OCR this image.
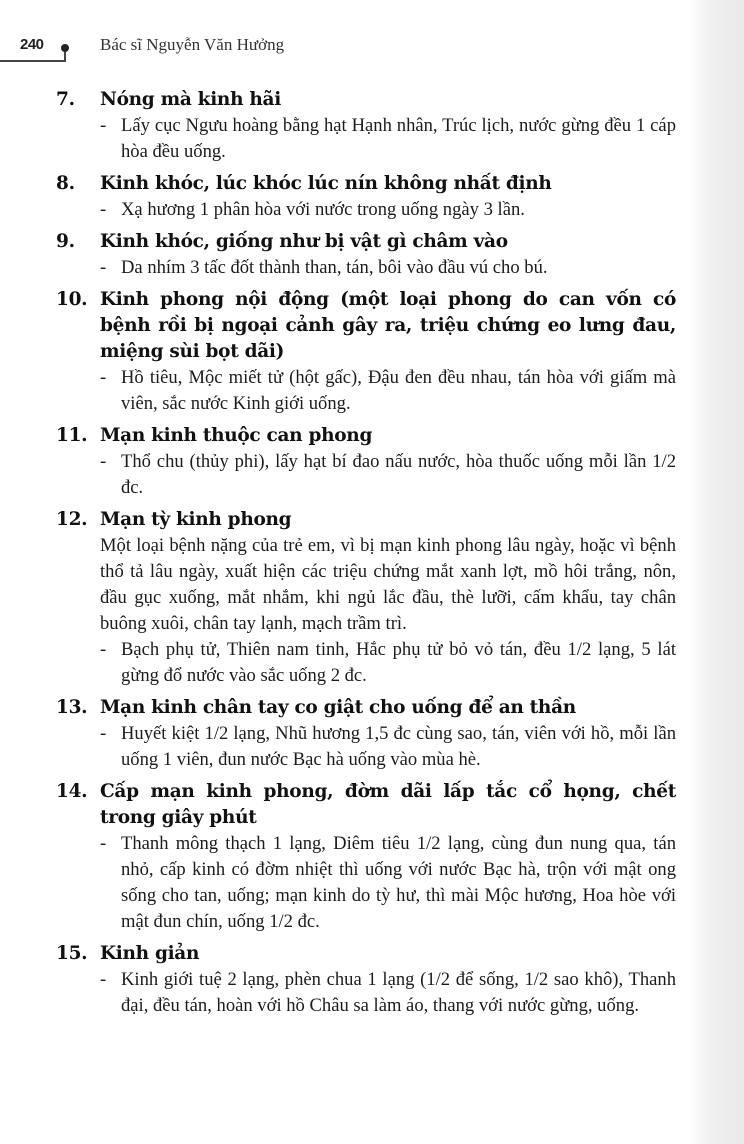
240	Bác sĩ Nguyễn Văn Hưởng
7.	Nóng mà kinh hãi
- Lấy cục Ngưu hoàng bằng hạt Hạnh nhân, Trúc lịch, nước gừng đều 1 cáp hòa đều uống.
8.	Kinh khóc, lúc khóc lúc nín không nhất định
- Xạ hương 1 phân hòa với nước trong uống ngày 3 lần.
9.	Kinh khóc, giống như bị vật gì châm vào
- Da nhím 3 tấc đốt thành than, tán, bôi vào đầu vú cho bú.
10. Kinh phong nội động (một loại phong do can vốn có bệnh rồi bị ngoại cảnh gây ra, triệu chứng eo lưng đau, miệng sùi bọt dãi)
- Hồ tiêu, Mộc miết tử (hột gấc), Đậu đen đều nhau, tán hòa với giấm mà viên, sắc nước Kinh giới uống.
11. Mạn kinh thuộc can phong
- Thổ chu (thủy phi), lấy hạt bí đao nấu nước, hòa thuốc uống mỗi lần 1/2 đc.
12. Mạn tỳ kinh phong
Một loại bệnh nặng của trẻ em, vì bị mạn kinh phong lâu ngày, hoặc vì bệnh thổ tả lâu ngày, xuất hiện các triệu chứng mắt xanh lợt, mồ hôi trắng, nôn, đầu gục xuống, mắt nhắm, khi ngủ lắc đầu, thè lưỡi, cấm khẩu, tay chân buông xuôi, chân tay lạnh, mạch trầm trì.
- Bạch phụ tử, Thiên nam tinh, Hắc phụ tử bỏ vỏ tán, đều 1/2 lạng, 5 lát gừng đổ nước vào sắc uống 2 đc.
13. Mạn kinh chân tay co giật cho uống để an thần
- Huyết kiệt 1/2 lạng, Nhũ hương 1,5 đc cùng sao, tán, viên với hồ, mỗi lần uống 1 viên, đun nước Bạc hà uống vào mùa hè.
14. Cấp mạn kinh phong, đờm dãi lấp tắc cổ họng, chết trong giây phút
- Thanh mông thạch 1 lạng, Diêm tiêu 1/2 lạng, cùng đun nung qua, tán nhỏ, cấp kinh có đờm nhiệt thì uống với nước Bạc hà, trộn với mật ong sống cho tan, uống; mạn kinh do tỳ hư, thì mài Mộc hương, Hoa hòe với mật đun chín, uống 1/2 đc.
15. Kinh giản
- Kinh giới tuệ 2 lạng, phèn chua 1 lạng (1/2 để sống, 1/2 sao khô), Thanh đại, đều tán, hoàn với hồ Châu sa làm áo, thang với nước gừng, uống.
